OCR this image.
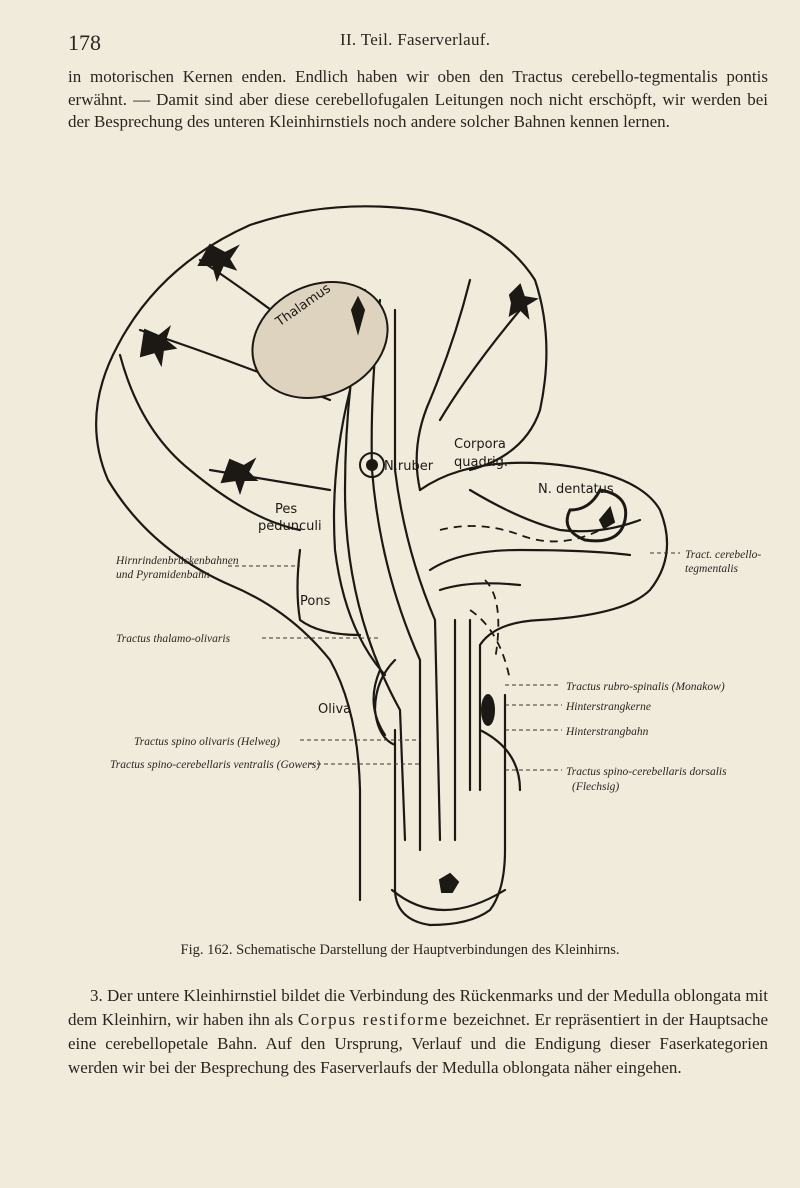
178	II. Teil. Faserverlauf.

in motorischen Kernen enden. Endlich haben wir oben den Tractus cerebello-tegmentalis pontis erwähnt. — Damit sind aber diese cerebellofugalen Leitungen noch nicht erschöpft, wir werden bei der Besprechung des unteren Kleinhirnstiels noch andere solcher Bahnen kennen lernen.

Thalamus
Corpora
quadrig.
N.ruber
N. dentatus
Pes
pedunculi
Pons
Oliva
Hirnrindenbrückenbahnen
und Pyramidenbahn
Tractus thalamo-olivaris
Tractus spino olivaris (Helweg)
Tractus spino-cerebellaris ventralis (Gowers)
Tract. cerebello-
tegmentalis
Tractus rubro-spinalis (Monakow)
Hinterstrangkerne
Hinterstrangbahn
Tractus spino-cerebellaris dorsalis
(Flechsig)

Fig. 162. Schematische Darstellung der Hauptverbindungen des Kleinhirns.

3. Der untere Kleinhirnstiel bildet die Verbindung des Rückenmarks und der Medulla oblongata mit dem Kleinhirn, wir haben ihn als Corpus restiforme bezeichnet. Er repräsentiert in der Hauptsache eine cerebellopetale Bahn. Auf den Ursprung, Verlauf und die Endigung dieser Faserkategorien werden wir bei der Besprechung des Faserverlaufs der Medulla oblongata näher eingehen.
